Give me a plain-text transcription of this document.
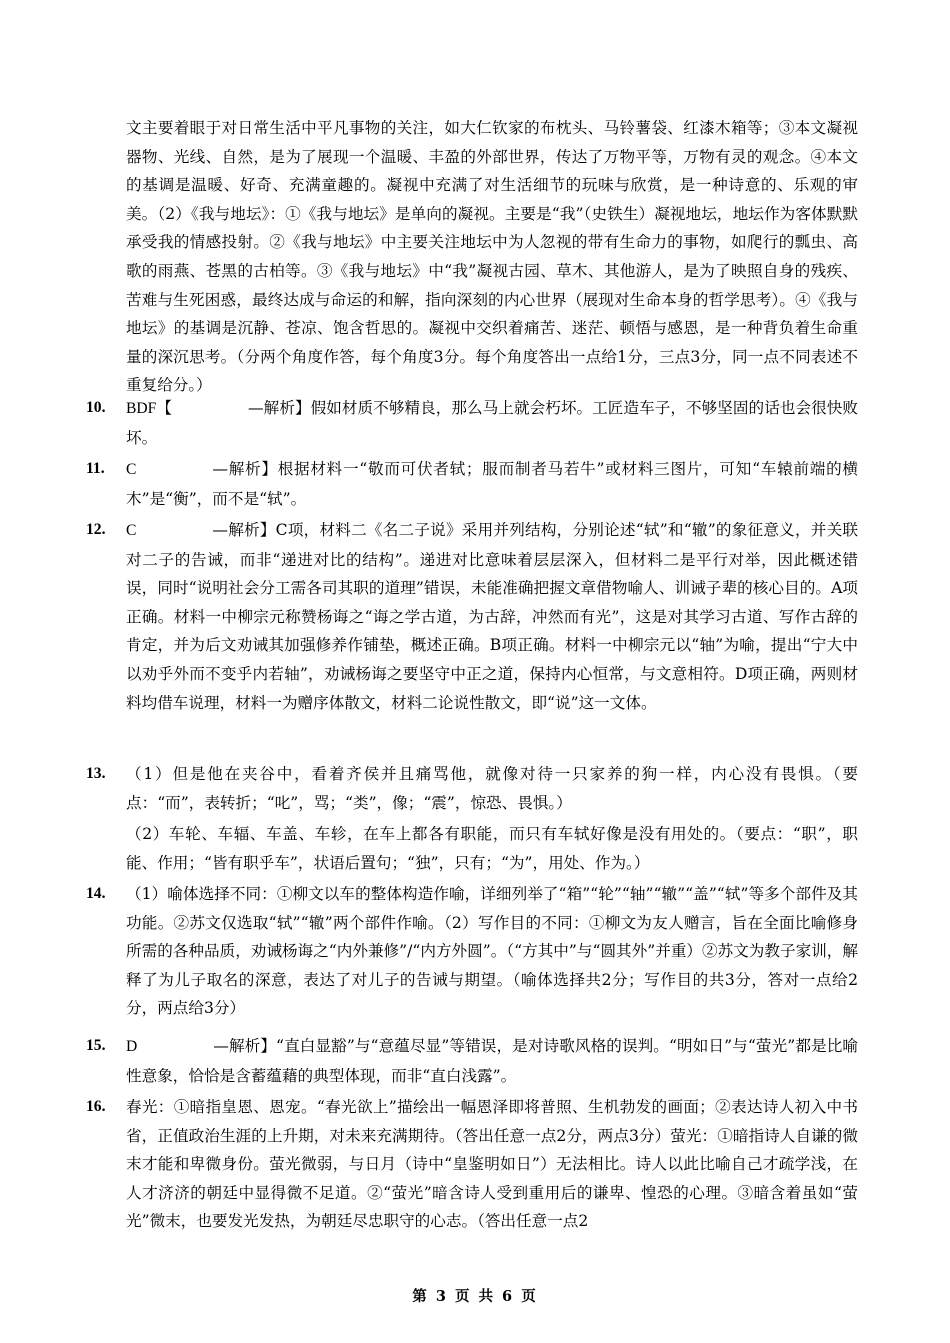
文主要着眼于对日常生活中平凡事物的关注，如大仁钦家的布枕头、马铃薯袋、红漆木箱等；③本文凝视器物、光线、自然，是为了展现一个温暖、丰盈的外部世界，传达了万物平等，万物有灵的观念。④本文的基调是温暖、好奇、充满童趣的。凝视中充满了对生活细节的玩味与欣赏，是一种诗意的、乐观的审美。（2）《我与地坛》：①《我与地坛》是单向的凝视。主要是“我”（史铁生）凝视地坛，地坛作为客体默默承受我的情感投射。②《我与地坛》中主要关注地坛中为人忽视的带有生命力的事物，如爬行的瓢虫、高歌的雨燕、苍黑的古柏等。③《我与地坛》中“我”凝视古园、草木、其他游人，是为了映照自身的残疾、苦难与生死困惑，最终达成与命运的和解，指向深刻的内心世界（展现对生命本身的哲学思考）。④《我与地坛》的基调是沉静、苍凉、饱含哲思的。凝视中交织着痛苦、迷茫、顿悟与感恩，是一种背负着生命重量的深沉思考。（分两个角度作答，每个角度3分。每个角度答出一点给1分，三点3分，同一点不同表述不重复给分。）

10. BDF【	—解析】假如材质不够精良，那么马上就会朽坏。工匠造车子，不够坚固的话也会很快败坏。
11. C	—解析】根据材料一“敬而可伏者轼；服而制者马若牛”或材料三图片，可知“车辕前端的横木”是“衡”，而不是“轼”。
12. C	—解析】C项，材料二《名二子说》采用并列结构，分别论述“轼”和“辙”的象征意义，并关联对二子的告诫，而非“递进对比的结构”。递进对比意味着层层深入，但材料二是平行对举，因此概述错误，同时“说明社会分工需各司其职的道理”错误，未能准确把握文章借物喻人、训诫子辈的核心目的。A项正确。材料一中柳宗元称赞杨诲之“诲之学古道，为古辞，冲然而有光”，这是对其学习古道、写作古辞的肯定，并为后文劝诫其加强修养作铺垫，概述正确。B项正确。材料一中柳宗元以“轴”为喻，提出“宁大中以劝乎外而不变乎内若轴”，劝诫杨诲之要坚守中正之道，保持内心恒常，与文意相符。D项正确，两则材料均借车说理，材料一为赠序体散文，材料二论说性散文，即“说”这一文体。
13. （1）但是他在夹谷中，看着齐侯并且痛骂他，就像对待一只家养的狗一样，内心没有畏惧。（要点：“而”，表转折；“叱”，骂；“类”，像；“震”，惊恐、畏惧。）
（2）车轮、车辐、车盖、车轸，在车上都各有职能，而只有车轼好像是没有用处的。（要点：“职”，职能、作用；“皆有职乎车”，状语后置句；“独”，只有；“为”，用处、作为。）
14. （1）喻体选择不同：①柳文以车的整体构造作喻，详细列举了“箱”“轮”“轴”“辙”“盖”“轼”等多个部件及其功能。②苏文仅选取“轼”“辙”两个部件作喻。（2）写作目的不同：①柳文为友人赠言，旨在全面比喻修身所需的各种品质，劝诫杨诲之“内外兼修”/“内方外圆”。（“方其中”与“圆其外”并重）②苏文为教子家训，解释了为儿子取名的深意，表达了对儿子的告诫与期望。（喻体选择共2分；写作目的共3分，答对一点给2分，两点给3分）
15. D	—解析】“直白显豁”与“意蕴尽显”等错误，是对诗歌风格的误判。“明如日”与“萤光”都是比喻性意象，恰恰是含蓄蕴藉的典型体现，而非“直白浅露”。
16. 春光：①暗指皇恩、恩宠。“春光欲上”描绘出一幅恩泽即将普照、生机勃发的画面；②表达诗人初入中书省，正值政治生涯的上升期，对未来充满期待。（答出任意一点2分，两点3分）萤光：①暗指诗人自谦的微末才能和卑微身份。萤光微弱，与日月（诗中“皇鉴明如日”）无法相比。诗人以此比喻自己才疏学浅，在人才济济的朝廷中显得微不足道。②“萤光”暗含诗人受到重用后的谦卑、惶恐的心理。③暗含着虽如“萤光”微末，也要发光发热，为朝廷尽忠职守的心志。（答出任意一点2
第 3 页 共 6 页
